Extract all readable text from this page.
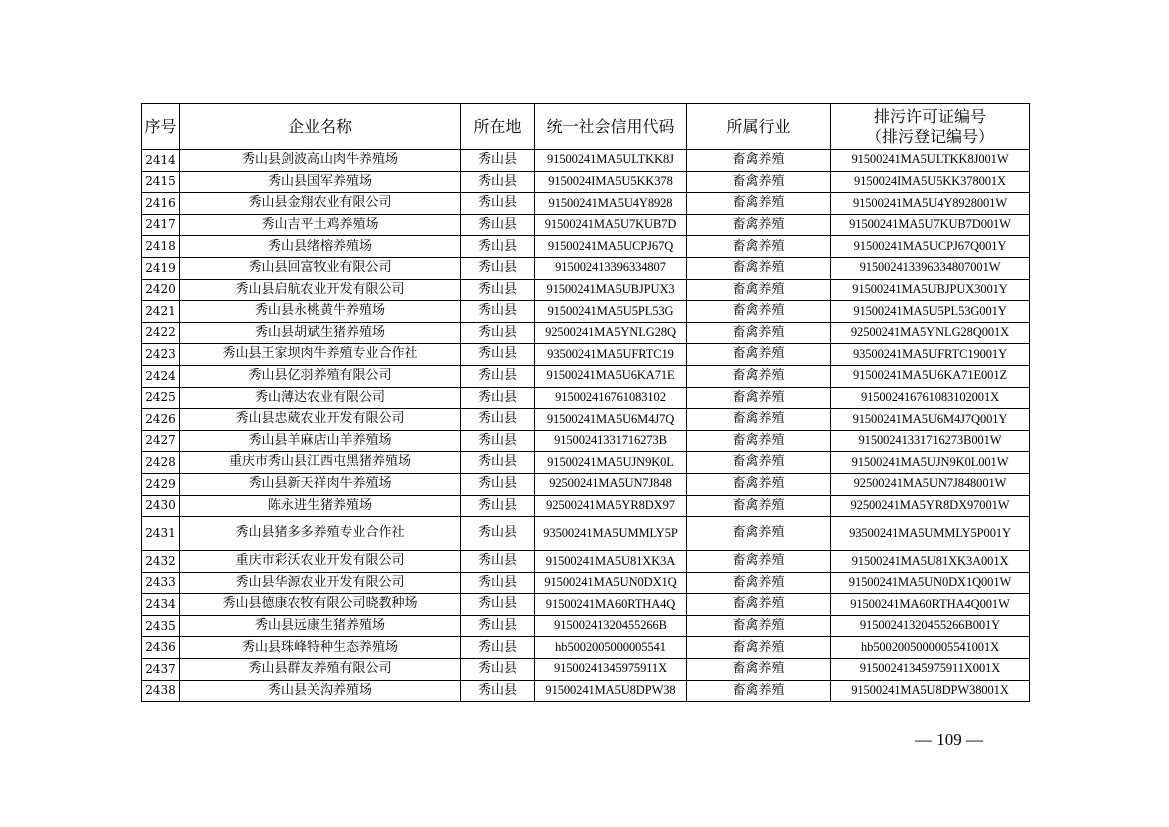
序号	企业名称	所在地	统一社会信用代码	所属行业	排污许可证编号
（排污登记编号）

2414	秀山县剑波高山肉牛养殖场	秀山县	91500241MA5ULTKK8J	畜禽养殖	91500241MA5ULTKK8J001W
2415	秀山县国军养殖场	秀山县	9150024IMA5U5KK378	畜禽养殖	9150024IMA5U5KK378001X
2416	秀山县金翔农业有限公司	秀山县	91500241MA5U4Y8928	畜禽养殖	91500241MA5U4Y8928001W
2417	秀山吉平土鸡养殖场	秀山县	91500241MA5U7KUB7D	畜禽养殖	91500241MA5U7KUB7D001W
2418	秀山县绪榕养殖场	秀山县	91500241MA5UCPJ67Q	畜禽养殖	91500241MA5UCPJ67Q001Y
2419	秀山县回富牧业有限公司	秀山县	915002413396334807	畜禽养殖	915002413396334807001W
2420	秀山县启航农业开发有限公司	秀山县	91500241MA5UBJPUX3	畜禽养殖	91500241MA5UBJPUX3001Y
2421	秀山县永桃黄牛养殖场	秀山县	91500241MA5U5PL53G	畜禽养殖	91500241MA5U5PL53G001Y
2422	秀山县胡斌生猪养殖场	秀山县	92500241MA5YNLG28Q	畜禽养殖	92500241MA5YNLG28Q001X
2423	秀山县王家坝肉牛养殖专业合作社	秀山县	93500241MA5UFRTC19	畜禽养殖	93500241MA5UFRTC19001Y
2424	秀山县亿羽养殖有限公司	秀山县	91500241MA5U6KA71E	畜禽养殖	91500241MA5U6KA71E001Z
2425	秀山薄达农业有限公司	秀山县	915002416761083102	畜禽养殖	915002416761083102001X
2426	秀山县忠葳农业开发有限公司	秀山县	91500241MA5U6M4J7Q	畜禽养殖	91500241MA5U6M4J7Q001Y
2427	秀山县羊麻店山羊养殖场	秀山县	91500241331716273B	畜禽养殖	91500241331716273B001W
2428	重庆市秀山县江西屯黑猪养殖场	秀山县	91500241MA5UJN9K0L	畜禽养殖	91500241MA5UJN9K0L001W
2429	秀山县新天祥肉牛养殖场	秀山县	92500241MA5UN7J848	畜禽养殖	92500241MA5UN7J848001W
2430	陈永进生猪养殖场	秀山县	92500241MA5YR8DX97	畜禽养殖	92500241MA5YR8DX97001W
2431	秀山县猪多多养殖专业合作社	秀山县	93500241MA5UMMLY5P	畜禽养殖	93500241MA5UMMLY5P001Y
2432	重庆市彩沃农业开发有限公司	秀山县	91500241MA5U81XK3A	畜禽养殖	91500241MA5U81XK3A001X
2433	秀山县华源农业开发有限公司	秀山县	91500241MA5UN0DX1Q	畜禽养殖	91500241MA5UN0DX1Q001W
2434	秀山县德康农牧有限公司晓教种场	秀山县	91500241MA60RTHA4Q	畜禽养殖	91500241MA60RTHA4Q001W
2435	秀山县远康生猪养殖场	秀山县	91500241320455266B	畜禽养殖	91500241320455266B001Y
2436	秀山县珠峰特种生态养殖场	秀山县	hb5002005000005541	畜禽养殖	hb5002005000005541001X
2437	秀山县群友养殖有限公司	秀山县	91500241345975911X	畜禽养殖	91500241345975911X001X
2438	秀山县关沟养殖场	秀山县	91500241MA5U8DPW38	畜禽养殖	91500241MA5U8DPW38001X
— 109 —
